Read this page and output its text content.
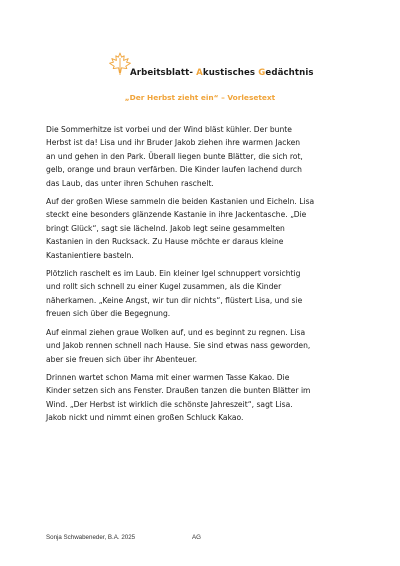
Arbeitsblatt- Akustisches Gedächtnis
„Der Herbst zieht ein“ – Vorlesetext
Die Sommerhitze ist vorbei und der Wind bläst kühler. Der bunte
Herbst ist da! Lisa und ihr Bruder Jakob ziehen ihre warmen Jacken
an und gehen in den Park. Überall liegen bunte Blätter, die sich rot,
gelb, orange und braun verfärben. Die Kinder laufen lachend durch
das Laub, das unter ihren Schuhen raschelt.
Auf der großen Wiese sammeln die beiden Kastanien und Eicheln. Lisa
steckt eine besonders glänzende Kastanie in ihre Jackentasche. „Die
bringt Glück“, sagt sie lächelnd. Jakob legt seine gesammelten
Kastanien in den Rucksack. Zu Hause möchte er daraus kleine
Kastanientiere basteln.
Plötzlich raschelt es im Laub. Ein kleiner Igel schnuppert vorsichtig
und rollt sich schnell zu einer Kugel zusammen, als die Kinder
näherkamen. „Keine Angst, wir tun dir nichts“, flüstert Lisa, und sie
freuen sich über die Begegnung.
Auf einmal ziehen graue Wolken auf, und es beginnt zu regnen. Lisa
und Jakob rennen schnell nach Hause. Sie sind etwas nass geworden,
aber sie freuen sich über ihr Abenteuer.
Drinnen wartet schon Mama mit einer warmen Tasse Kakao. Die
Kinder setzen sich ans Fenster. Draußen tanzen die bunten Blätter im
Wind. „Der Herbst ist wirklich die schönste Jahreszeit“, sagt Lisa.
Jakob nickt und nimmt einen großen Schluck Kakao.
Sonja Schwabeneder, B.A. 2025	AG
